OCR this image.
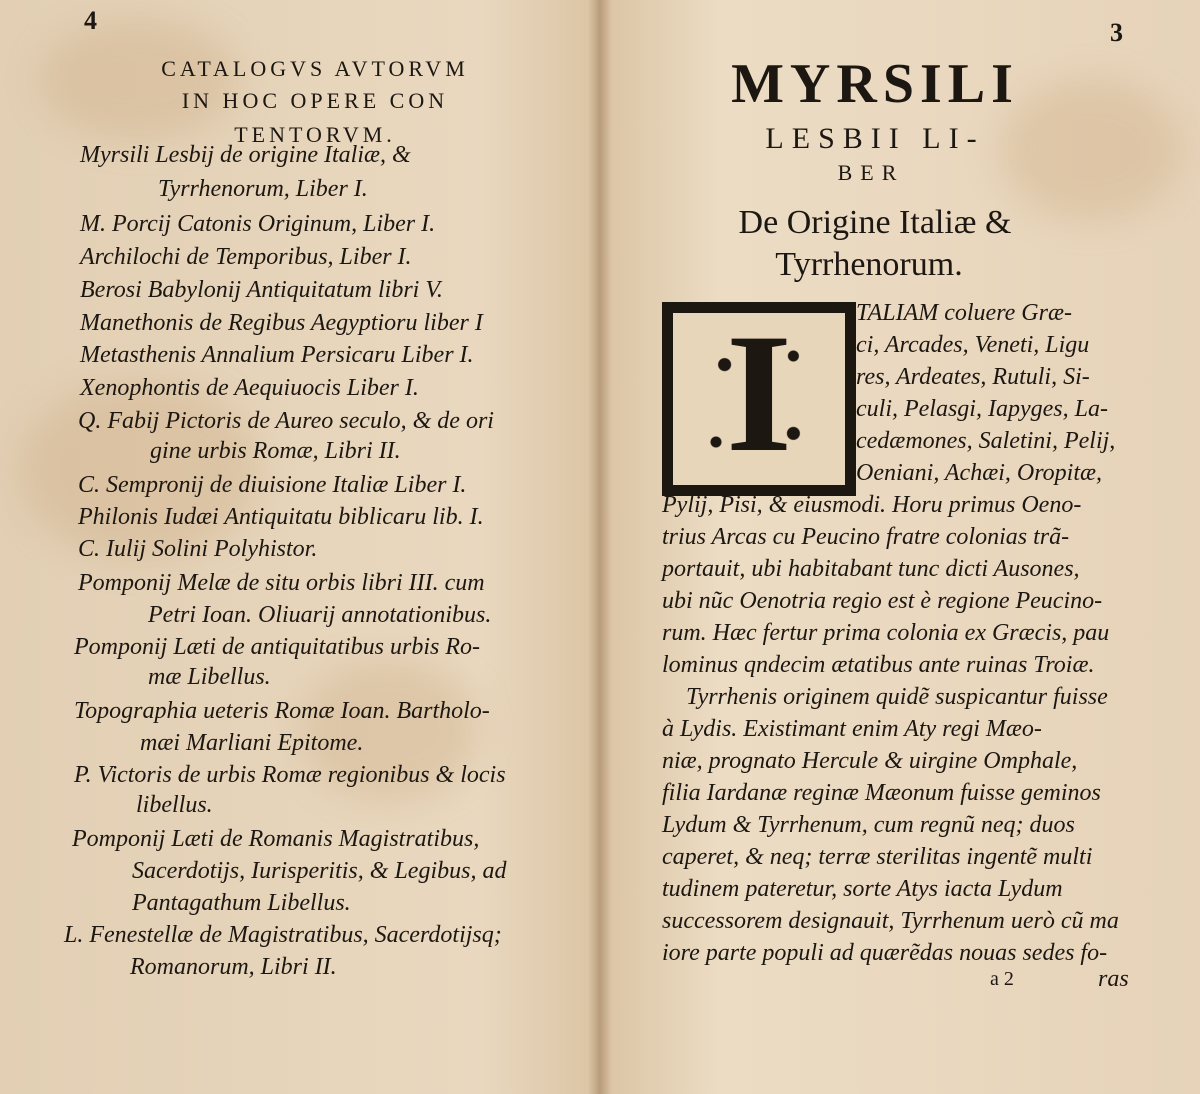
4
CATALOGVS AVTORVM
IN HOC OPERE CON
TENTORVM.
Myrsili Lesbij de origine Italiæ, &
Tyrrhenorum, Liber I.
M. Porcij Catonis Originum, Liber I.
Archilochi de Temporibus, Liber I.
Berosi Babylonij Antiquitatum libri V.
Manethonis de Regibus Aegyptioru liber I
Metasthenis Annalium Persicaru Liber I.
Xenophontis de Aequiuocis Liber I.
Q. Fabij Pictoris de Aureo seculo, & de ori
gine urbis Romæ, Libri II.
C. Sempronij de diuisione Italiæ Liber I.
Philonis Iudæi Antiquitatu biblicaru lib. I.
C. Iulij Solini Polyhistor.
Pomponij Melæ de situ orbis libri III. cum
Petri Ioan. Oliuarij annotationibus.
Pomponij Læti de antiquitatibus urbis Ro-
mæ Libellus.
Topographia ueteris Romæ Ioan. Bartholo-
mæi Marliani Epitome.
P. Victoris de urbis Romæ regionibus & locis
libellus.
Pomponij Læti de Romanis Magistratibus,
Sacerdotijs, Iurisperitis, & Legibus, ad
Pantagathum Libellus.
L. Fenestellæ de Magistratibus, Sacerdotijsq;
Romanorum, Libri II.
3
MYRSILI
LESBII LI-
BER
De Origine Italiæ &
Tyrrhenorum.
I	TALIAM coluere Græ-
ci, Arcades, Veneti, Ligu
res, Ardeates, Rutuli, Si-
culi, Pelasgi, Iapyges, La-
cedæmones, Saletini, Pelij,
Oeniani, Achæi, Oropitæ,
Pylij, Pisi, & eiusmodi. Horu primus Oeno-
trius Arcas cu Peucino fratre colonias trã-
portauit, ubi habitabant tunc dicti Ausones,
ubi nũc Oenotria regio est è regione Peucino-
rum. Hæc fertur prima colonia ex Græcis, pau
lominus qndecim ætatibus ante ruinas Troiæ.
Tyrrhenis originem quidẽ suspicantur fuisse
à Lydis. Existimant enim Aty regi Mæo-
niæ, prognato Hercule & uirgine Omphale,
filia Iardanæ reginæ Mæonum fuisse geminos
Lydum & Tyrrhenum, cum regnũ neq; duos
caperet, & neq; terræ sterilitas ingentẽ multi
tudinem pateretur, sorte Atys iacta Lydum
successorem designauit, Tyrrhenum uerò cũ ma
iore parte populi ad quærẽdas nouas sedes fo-
a 2	ras
